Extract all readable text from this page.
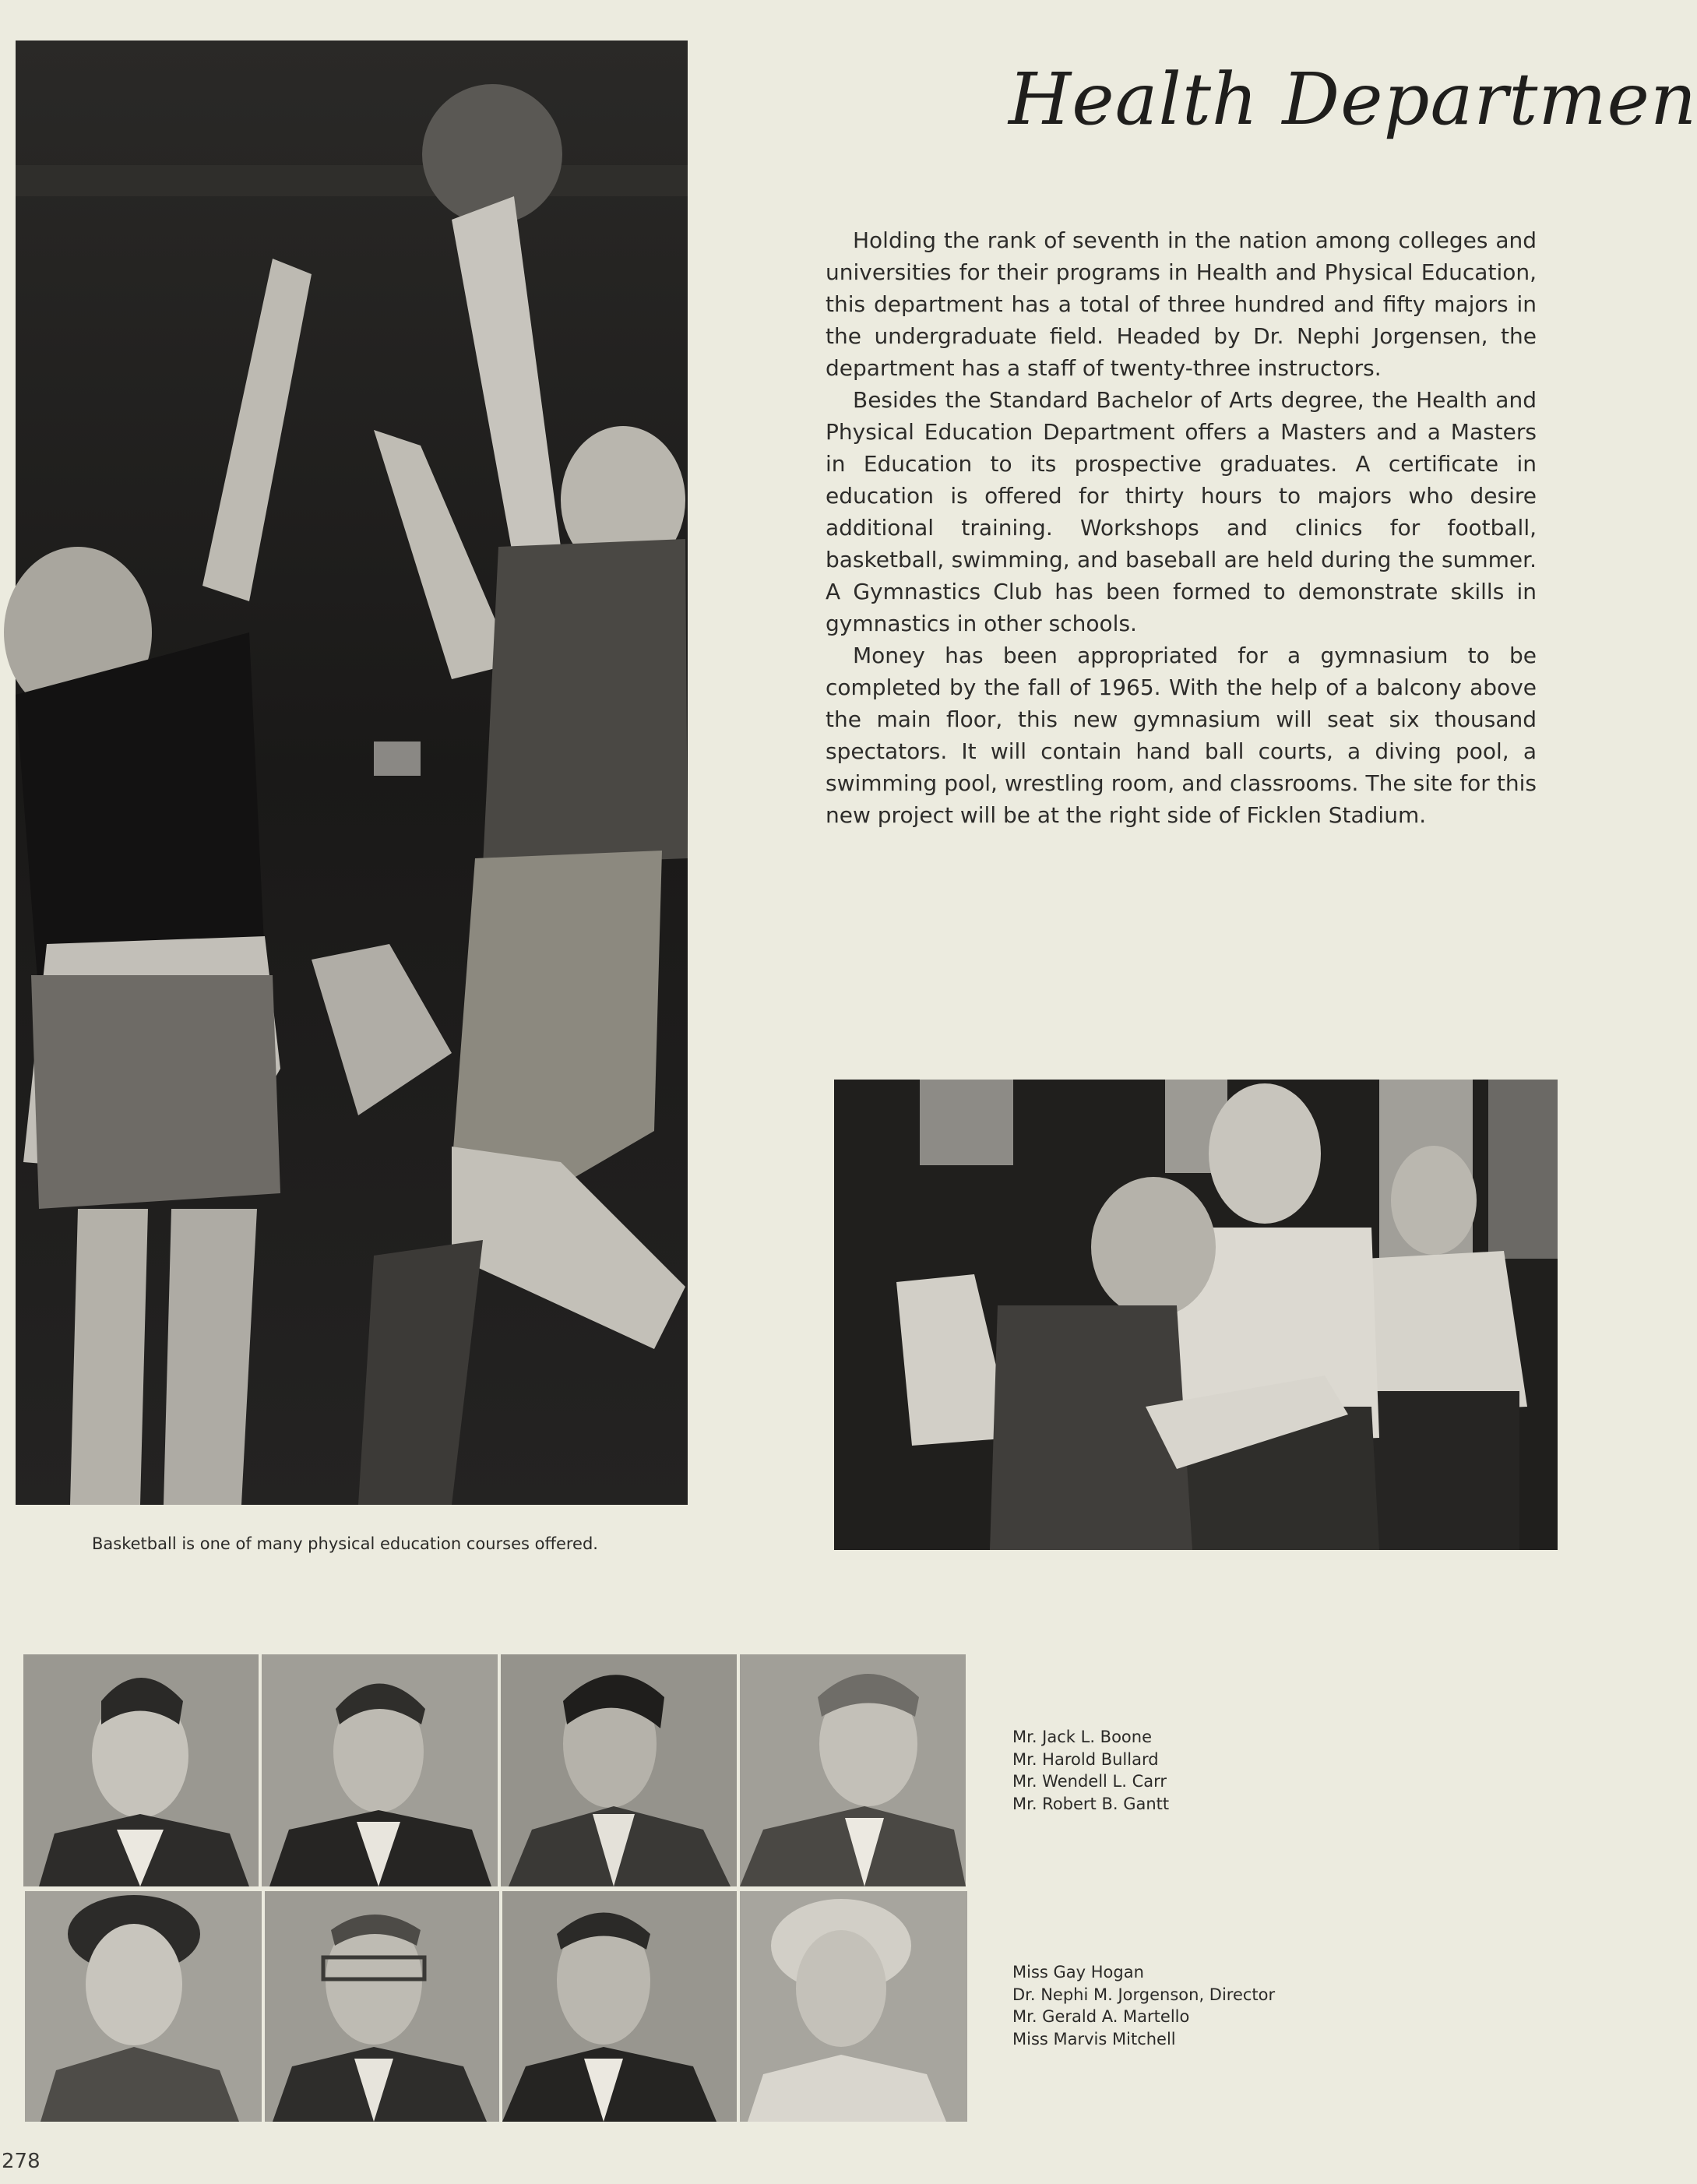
Health Departmen

Holding the rank of seventh in the nation among colleges and universities for their programs in Health and Physical Education, this department has a total of three hundred and fifty majors in the undergraduate field. Headed by Dr. Nephi Jorgensen, the department has a staff of twenty-three instructors.

Besides the Standard Bachelor of Arts degree, the Health and Physical Education Department offers a Masters and a Masters in Education to its prospective graduates. A certificate in education is offered for thirty hours to majors who desire additional training. Workshops and clinics for football, basketball, swimming, and baseball are held during the summer. A Gymnastics Club has been formed to demonstrate skills in gymnastics in other schools.

Money has been appropriated for a gymnasium to be completed by the fall of 1965. With the help of a balcony above the main floor, this new gymnasium will seat six thousand spectators. It will contain hand ball courts, a diving pool, a swimming pool, wrestling room, and classrooms. The site for this new project will be at the right side of Ficklen Stadium.

Basketball is one of many physical education courses offered.
Mr. Jack L. Boone
Mr. Harold Bullard
Mr. Wendell L. Carr
Mr. Robert B. Gantt
Miss Gay Hogan
Dr. Nephi M. Jorgenson, Director
Mr. Gerald A. Martello
Miss Marvis Mitchell
278
